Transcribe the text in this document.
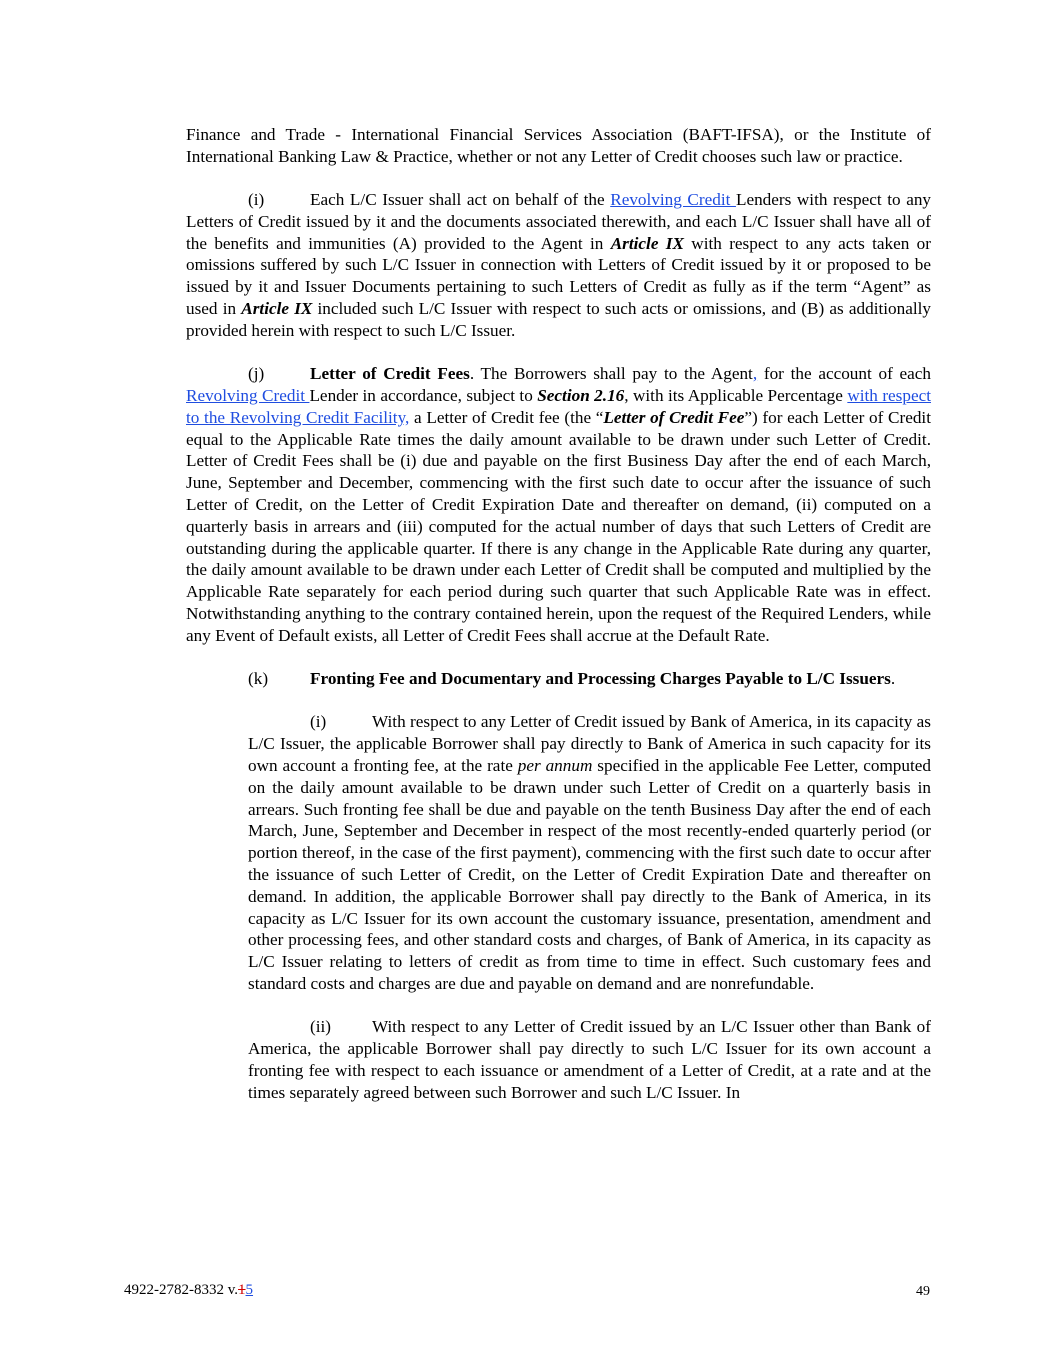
Finance and Trade - International Financial Services Association (BAFT-IFSA), or the Institute of International Banking Law & Practice, whether or not any Letter of Credit chooses such law or practice.

(i)	Each L/C Issuer shall act on behalf of the Revolving Credit Lenders with respect to any Letters of Credit issued by it and the documents associated therewith, and each L/C Issuer shall have all of the benefits and immunities (A) provided to the Agent in Article IX with respect to any acts taken or omissions suffered by such L/C Issuer in connection with Letters of Credit issued by it or proposed to be issued by it and Issuer Documents pertaining to such Letters of Credit as fully as if the term “Agent” as used in Article IX included such L/C Issuer with respect to such acts or omissions, and (B) as additionally provided herein with respect to such L/C Issuer.

(j)	Letter of Credit Fees. The Borrowers shall pay to the Agent, for the account of each Revolving Credit Lender in accordance, subject to Section 2.16, with its Applicable Percentage with respect to the Revolving Credit Facility, a Letter of Credit fee (the “Letter of Credit Fee”) for each Letter of Credit equal to the Applicable Rate times the daily amount available to be drawn under such Letter of Credit. Letter of Credit Fees shall be (i) due and payable on the first Business Day after the end of each March, June, September and December, commencing with the first such date to occur after the issuance of such Letter of Credit, on the Letter of Credit Expiration Date and thereafter on demand, (ii) computed on a quarterly basis in arrears and (iii) computed for the actual number of days that such Letters of Credit are outstanding during the applicable quarter. If there is any change in the Applicable Rate during any quarter, the daily amount available to be drawn under each Letter of Credit shall be computed and multiplied by the Applicable Rate separately for each period during such quarter that such Applicable Rate was in effect. Notwithstanding anything to the contrary contained herein, upon the request of the Required Lenders, while any Event of Default exists, all Letter of Credit Fees shall accrue at the Default Rate.

(k) Fronting Fee and Documentary and Processing Charges Payable to L/C Issuers.

(i)	With respect to any Letter of Credit issued by Bank of America, in its capacity as L/C Issuer, the applicable Borrower shall pay directly to Bank of America in such capacity for its own account a fronting fee, at the rate per annum specified in the applicable Fee Letter, computed on the daily amount available to be drawn under such Letter of Credit on a quarterly basis in arrears. Such fronting fee shall be due and payable on the tenth Business Day after the end of each March, June, September and December in respect of the most recently-ended quarterly period (or portion thereof, in the case of the first payment), commencing with the first such date to occur after the issuance of such Letter of Credit, on the Letter of Credit Expiration Date and thereafter on demand. In addition, the applicable Borrower shall pay directly to the Bank of America, in its capacity as L/C Issuer for its own account the customary issuance, presentation, amendment and other processing fees, and other standard costs and charges, of Bank of America, in its capacity as L/C Issuer relating to letters of credit as from time to time in effect. Such customary fees and standard costs and charges are due and payable on demand and are nonrefundable.

(ii) With respect to any Letter of Credit issued by an L/C Issuer other than Bank of America, the applicable Borrower shall pay directly to such L/C Issuer for its own account a fronting fee with respect to each issuance or amendment of a Letter of Credit, at a rate and at the times separately agreed between such Borrower and such L/C Issuer. In

4922-2782-8332 v.15	49
